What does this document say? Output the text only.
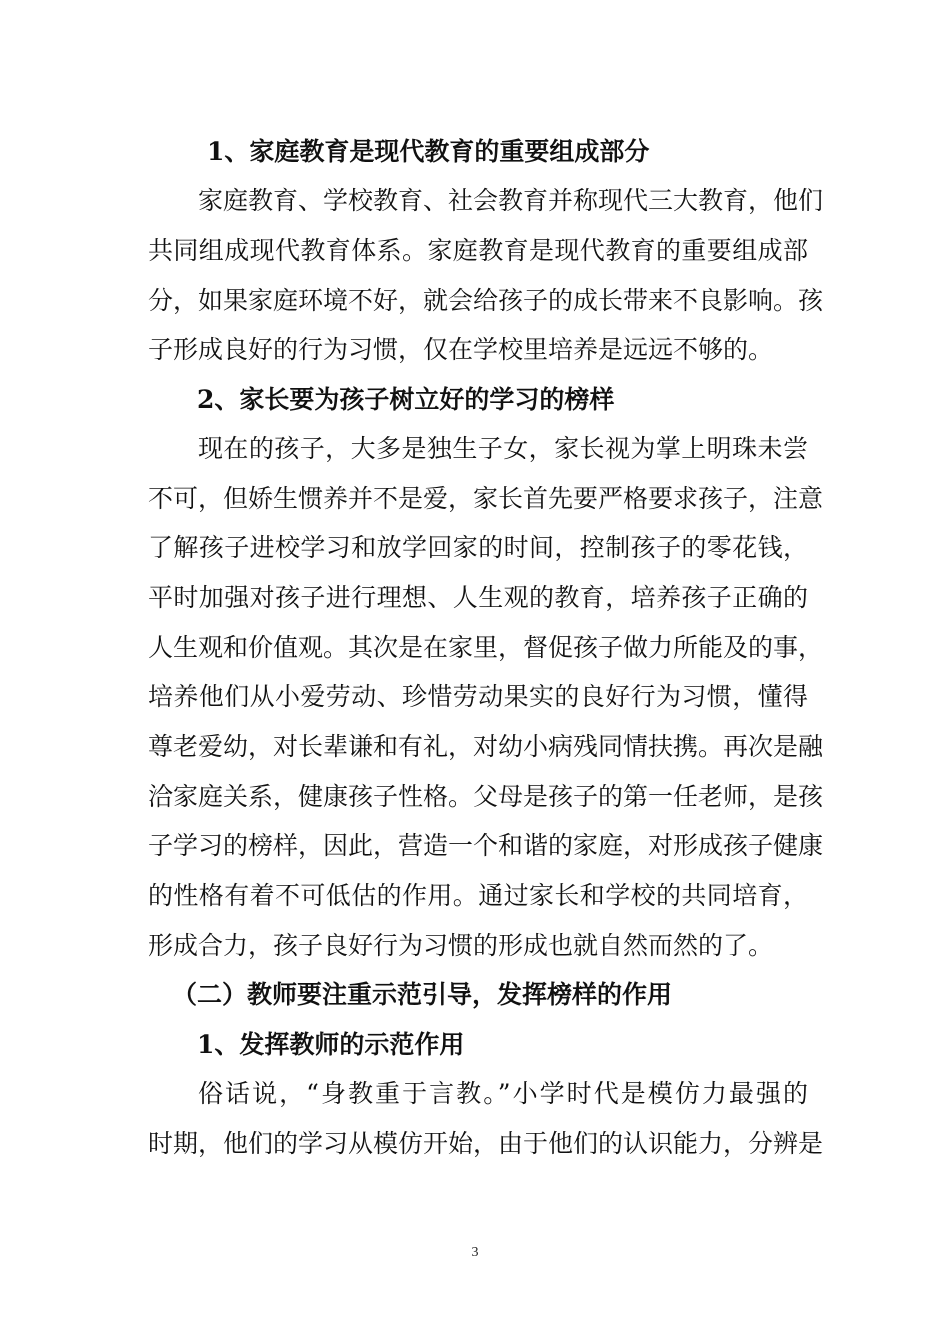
1、家庭教育是现代教育的重要组成部分
家庭教育、学校教育、社会教育并称现代三大教育，他们
共同组成现代教育体系。家庭教育是现代教育的重要组成部
分，如果家庭环境不好，就会给孩子的成长带来不良影响。孩
子形成良好的行为习惯，仅在学校里培养是远远不够的。
2、家长要为孩子树立好的学习的榜样
现在的孩子，大多是独生子女，家长视为掌上明珠未尝
不可，但娇生惯养并不是爱，家长首先要严格要求孩子，注意
了解孩子进校学习和放学回家的时间，控制孩子的零花钱，
平时加强对孩子进行理想、人生观的教育，培养孩子正确的
人生观和价值观。其次是在家里，督促孩子做力所能及的事，
培养他们从小爱劳动、珍惜劳动果实的良好行为习惯，懂得
尊老爱幼，对长辈谦和有礼，对幼小病残同情扶携。再次是融
洽家庭关系，健康孩子性格。父母是孩子的第一任老师，是孩
子学习的榜样，因此，营造一个和谐的家庭，对形成孩子健康
的性格有着不可低估的作用。通过家长和学校的共同培育，
形成合力，孩子良好行为习惯的形成也就自然而然的了。
（二）教师要注重示范引导，发挥榜样的作用
1、发挥教师的示范作用
俗话说，“身教重于言教。”小学时代是模仿力最强的
时期，他们的学习从模仿开始，由于他们的认识能力，分辨是
3
